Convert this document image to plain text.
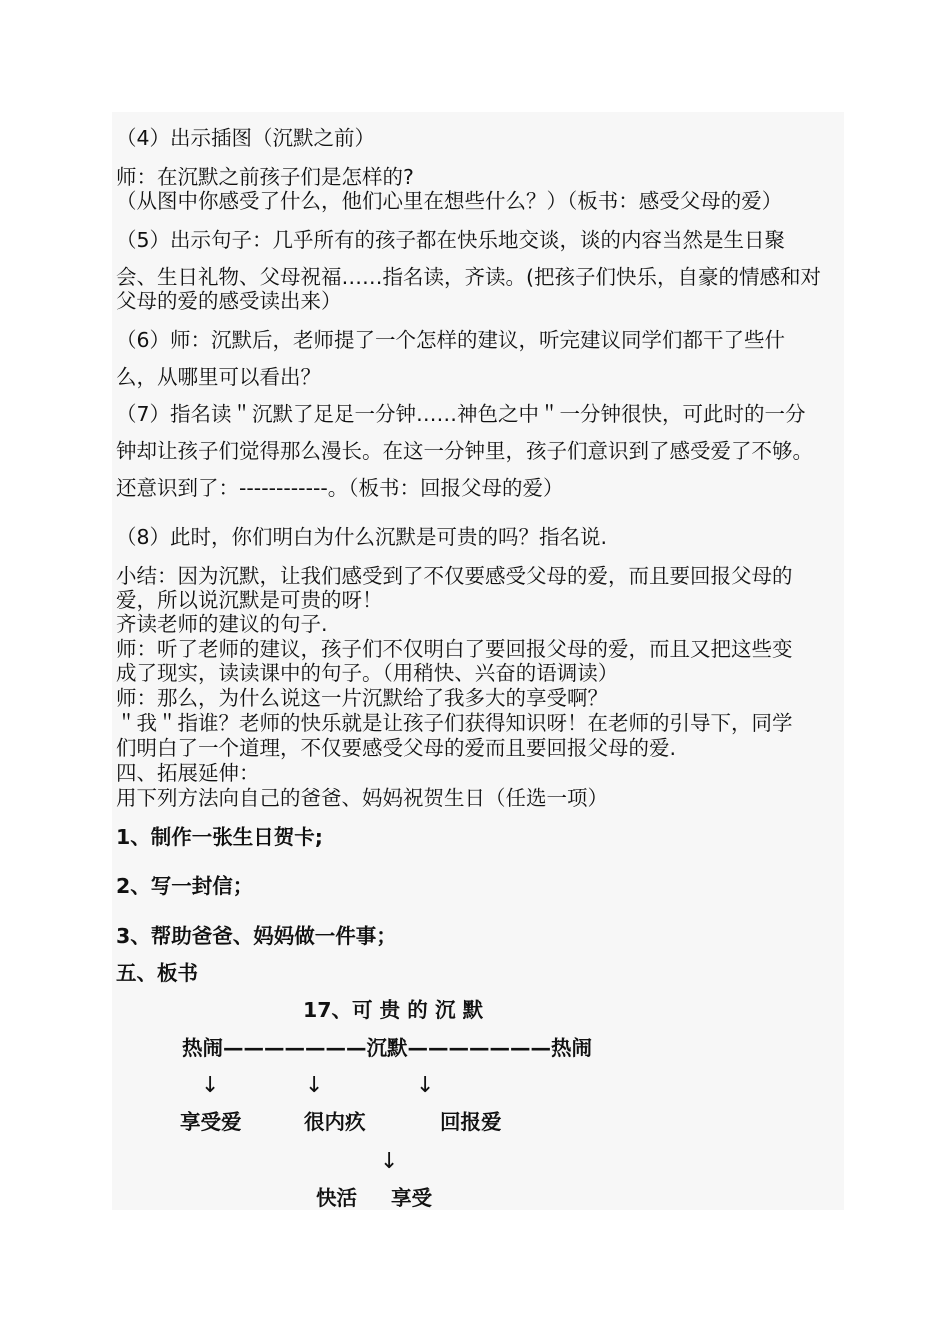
（4）出示插图（沉默之前）
师：在沉默之前孩子们是怎样的?
（从图中你感受了什么，他们心里在想些什么？）（板书：感受父母的爱）
（5）出示句子：几乎所有的孩子都在快乐地交谈，谈的内容当然是生日聚
会、生日礼物、父母祝福……指名读，齐读。(把孩子们快乐，自豪的情感和对
父母的爱的感受读出来）
（6）师：沉默后，老师提了一个怎样的建议，听完建议同学们都干了些什
么，从哪里可以看出？
（7）指名读＂沉默了足足一分钟……神色之中＂一分钟很快，可此时的一分
钟却让孩子们觉得那么漫长。在这一分钟里，孩子们意识到了感受爱了不够。
还意识到了：------------。（板书：回报父母的爱）
（8）此时，你们明白为什么沉默是可贵的吗？指名说.
小结：因为沉默，让我们感受到了不仅要感受父母的爱，而且要回报父母的
爱，所以说沉默是可贵的呀！
齐读老师的建议的句子.
师：听了老师的建议，孩子们不仅明白了要回报父母的爱，而且又把这些变
成了现实，读读课中的句子。（用稍快、兴奋的语调读）
师：那么，为什么说这一片沉默给了我多大的享受啊？
＂我＂指谁？老师的快乐就是让孩子们获得知识呀！在老师的引导下，同学
们明白了一个道理，不仅要感受父母的爱而且要回报父母的爱.
四、拓展延伸：
用下列方法向自己的爸爸、妈妈祝贺生日（任选一项）
1、制作一张生日贺卡;
2、写一封信；
3、帮助爸爸、妈妈做一件事；
五、板书
17、可 贵 的 沉 默
热闹———————沉默———————热闹
↓	↓	↓
享受爱	很内疚	回报爱
↓
快活 享受
